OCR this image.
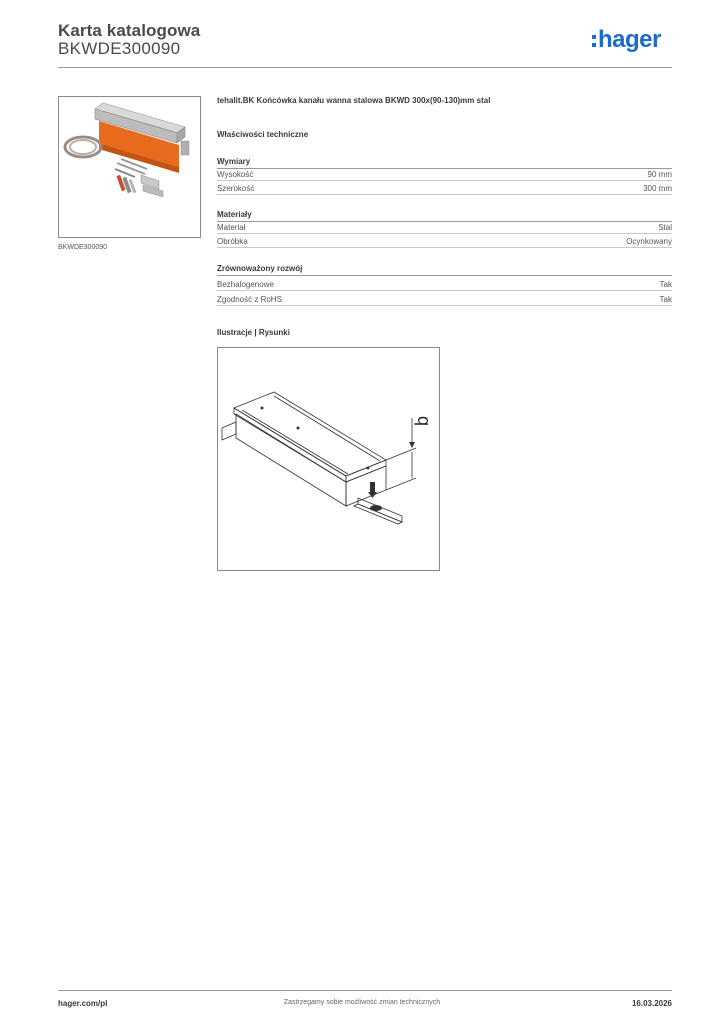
Karta katalogowa
BKWDE300090	hager
BKWDE300090
tehalit.BK Końcówka kanału wanna stalowa BKWD 300x(90-130)mm stal
Właściwości techniczne
Wymiary
Wysokość	90 mm
Szerokość	300 mm
Materiały
Materiał	Stal
Obróbka	Ocynkowany
Zrównoważony rozwój
Bezhalogenowe	Tak
Zgodność z RoHS	Tak
Ilustracje | Rysunki
b
hager.com/pl	Zastrzegamy sobie możliwość zmian technicznych	16.03.2026
